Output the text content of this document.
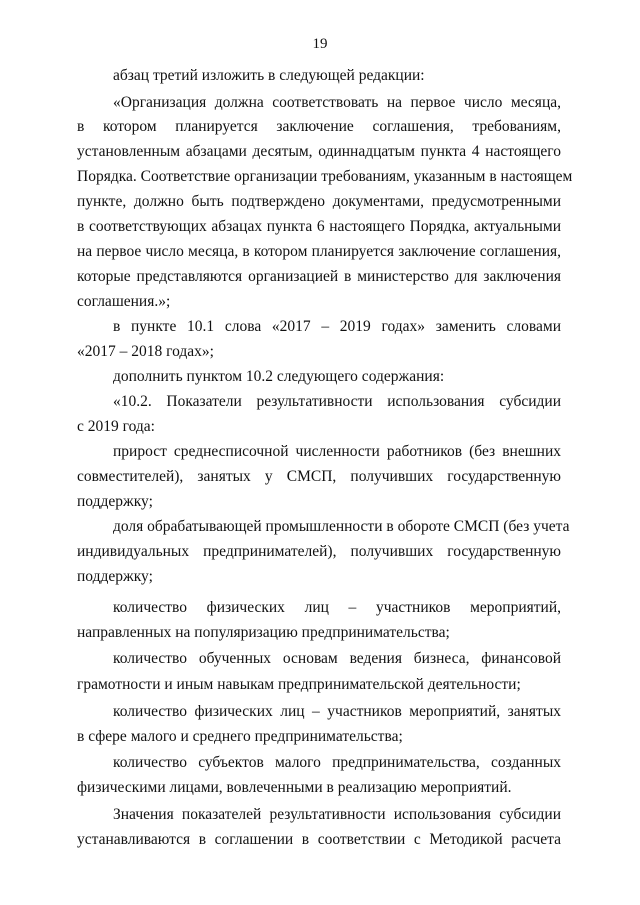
19
абзац третий изложить в следующей редакции:
«Организация должна соответствовать на первое число месяца,
в котором планируется заключение соглашения, требованиям,
установленным абзацами десятым, одиннадцатым пункта 4 настоящего
Порядка. Соответствие организации требованиям, указанным в настоящем
пункте, должно быть подтверждено документами, предусмотренными
в соответствующих абзацах пункта 6 настоящего Порядка, актуальными
на первое число месяца, в котором планируется заключение соглашения,
которые представляются организацией в министерство для заключения
соглашения.»;
в пункте 10.1 слова «2017 – 2019 годах» заменить словами
«2017 – 2018 годах»;
дополнить пунктом 10.2 следующего содержания:
«10.2. Показатели результативности использования субсидии
с 2019 года:
прирост среднесписочной численности работников (без внешних
совместителей), занятых у СМСП, получивших государственную
поддержку;
доля обрабатывающей промышленности в обороте СМСП (без учета
индивидуальных предпринимателей), получивших государственную
поддержку;
количество физических лиц – участников мероприятий,
направленных на популяризацию предпринимательства;
количество обученных основам ведения бизнеса, финансовой
грамотности и иным навыкам предпринимательской деятельности;
количество физических лиц – участников мероприятий, занятых
в сфере малого и среднего предпринимательства;
количество субъектов малого предпринимательства, созданных
физическими лицами, вовлеченными в реализацию мероприятий.
Значения показателей результативности использования субсидии
устанавливаются в соглашении в соответствии с Методикой расчета
